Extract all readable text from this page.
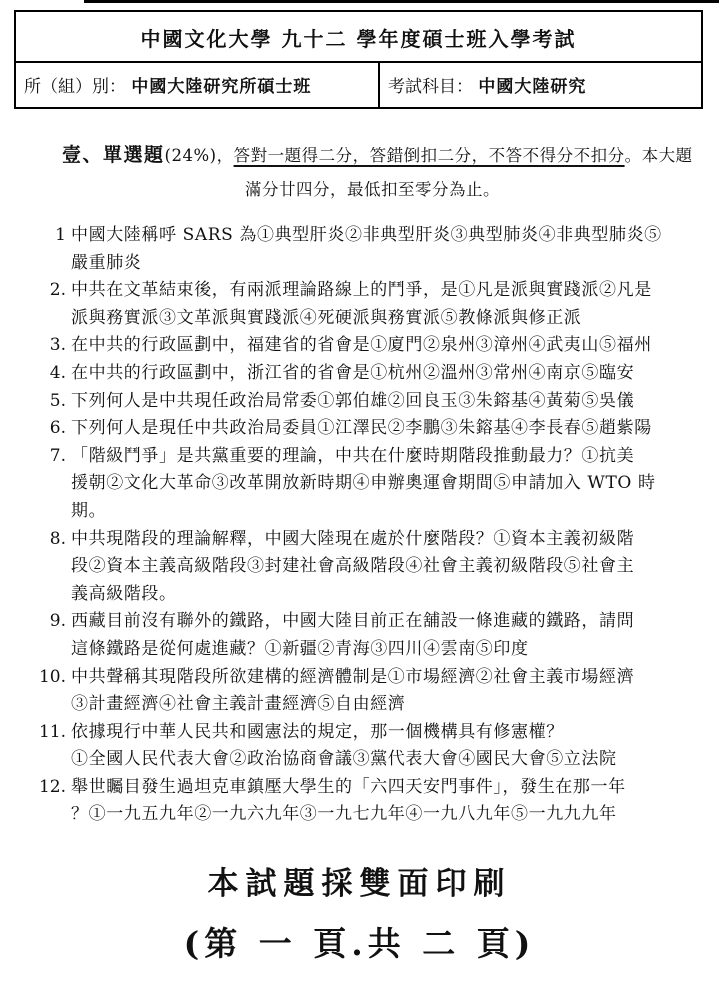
中國文化大學 九十二 學年度碩士班入學考試
所（組）別： 中國大陸研究所碩士班	考試科目： 中國大陸研究
壹、單選題(24%)，答對一題得二分，答錯倒扣二分，不答不得分不扣分。本大題
滿分廿四分，最低扣至零分為止。
1 中國大陸稱呼 SARS 為①典型肝炎②非典型肝炎③典型肺炎④非典型肺炎⑤
嚴重肺炎
2. 中共在文革結束後，有兩派理論路線上的鬥爭，是①凡是派與實踐派②凡是
派與務實派③文革派與實踐派④死硬派與務實派⑤教條派與修正派
3. 在中共的行政區劃中，福建省的省會是①廈門②泉州③漳州④武夷山⑤福州
4. 在中共的行政區劃中，浙江省的省會是①杭州②溫州③常州④南京⑤臨安
5. 下列何人是中共現任政治局常委①郭伯雄②回良玉③朱鎔基④黃菊⑤吳儀
6. 下列何人是現任中共政治局委員①江澤民②李鵬③朱鎔基④李長春⑤趙紫陽
7. 「階級鬥爭」是共黨重要的理論，中共在什麼時期階段推動最力？①抗美
援朝②文化大革命③改革開放新時期④申辦奧運會期間⑤申請加入 WTO 時
期。
8. 中共現階段的理論解釋，中國大陸現在處於什麼階段？①資本主義初級階
段②資本主義高級階段③封建社會高級階段④社會主義初級階段⑤社會主
義高級階段。
9. 西藏目前沒有聯外的鐵路，中國大陸目前正在舖設一條進藏的鐵路，請問
這條鐵路是從何處進藏？①新疆②青海③四川④雲南⑤印度
10. 中共聲稱其現階段所欲建構的經濟體制是①市場經濟②社會主義市場經濟
③計畫經濟④社會主義計畫經濟⑤自由經濟
11. 依據現行中華人民共和國憲法的規定，那一個機構具有修憲權？
①全國人民代表大會②政治協商會議③黨代表大會④國民大會⑤立法院
12. 舉世矚目發生過坦克車鎮壓大學生的「六四天安門事件」，發生在那一年
？①一九五九年②一九六九年③一九七九年④一九八九年⑤一九九九年
本試題採雙面印刷
(第 一 頁.共 二 頁)
